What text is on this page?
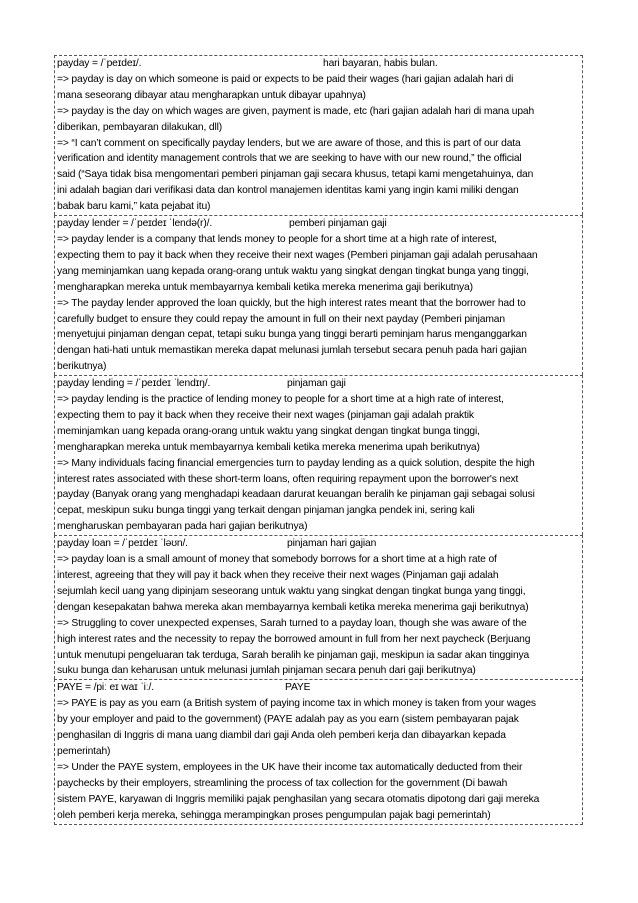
payday = /ˈpeɪdeɪ/.	hari bayaran, habis bulan.
=> payday is day on which someone is paid or expects to be paid their wages (hari gajian adalah hari di
mana seseorang dibayar atau mengharapkan untuk dibayar upahnya)
=> payday is the day on which wages are given, payment is made, etc (hari gajian adalah hari di mana upah
diberikan, pembayaran dilakukan, dll)
=> “I can’t comment on specifically payday lenders, but we are aware of those, and this is part of our data
verification and identity management controls that we are seeking to have with our new round,” the official
said (“Saya tidak bisa mengomentari pemberi pinjaman gaji secara khusus, tetapi kami mengetahuinya, dan
ini adalah bagian dari verifikasi data dan kontrol manajemen identitas kami yang ingin kami miliki dengan
babak baru kami,” kata pejabat itu)
payday lender = /ˈpeɪdeɪ ˈlendə(r)/.	pemberi pinjaman gaji
=> payday lender is a company that lends money to people for a short time at a high rate of interest,
expecting them to pay it back when they receive their next wages (Pemberi pinjaman gaji adalah perusahaan
yang meminjamkan uang kepada orang-orang untuk waktu yang singkat dengan tingkat bunga yang tinggi,
mengharapkan mereka untuk membayarnya kembali ketika mereka menerima gaji berikutnya)
=> The payday lender approved the loan quickly, but the high interest rates meant that the borrower had to
carefully budget to ensure they could repay the amount in full on their next payday (Pemberi pinjaman
menyetujui pinjaman dengan cepat, tetapi suku bunga yang tinggi berarti peminjam harus menganggarkan
dengan hati-hati untuk memastikan mereka dapat melunasi jumlah tersebut secara penuh pada hari gajian
berikutnya)
payday lending = /ˈpeɪdeɪ ˈlendɪŋ/.	pinjaman gaji
=> payday lending is the practice of lending money to people for a short time at a high rate of interest,
expecting them to pay it back when they receive their next wages (pinjaman gaji adalah praktik
meminjamkan uang kepada orang-orang untuk waktu yang singkat dengan tingkat bunga tinggi,
mengharapkan mereka untuk membayarnya kembali ketika mereka menerima upah berikutnya)
=> Many individuals facing financial emergencies turn to payday lending as a quick solution, despite the high
interest rates associated with these short-term loans, often requiring repayment upon the borrower's next
payday (Banyak orang yang menghadapi keadaan darurat keuangan beralih ke pinjaman gaji sebagai solusi
cepat, meskipun suku bunga tinggi yang terkait dengan pinjaman jangka pendek ini, sering kali
mengharuskan pembayaran pada hari gajian berikutnya)
payday loan = /ˈpeɪdeɪ ˈləʊn/.	pinjaman hari gajian
=> payday loan is a small amount of money that somebody borrows for a short time at a high rate of
interest, agreeing that they will pay it back when they receive their next wages (Pinjaman gaji adalah
sejumlah kecil uang yang dipinjam seseorang untuk waktu yang singkat dengan tingkat bunga yang tinggi,
dengan kesepakatan bahwa mereka akan membayarnya kembali ketika mereka menerima gaji berikutnya)
=> Struggling to cover unexpected expenses, Sarah turned to a payday loan, though she was aware of the
high interest rates and the necessity to repay the borrowed amount in full from her next paycheck (Berjuang
untuk menutupi pengeluaran tak terduga, Sarah beralih ke pinjaman gaji, meskipun ia sadar akan tingginya
suku bunga dan keharusan untuk melunasi jumlah pinjaman secara penuh dari gaji berikutnya)
PAYE = /piː eɪ waɪ ˈiː/.	PAYE
=> PAYE is pay as you earn (a British system of paying income tax in which money is taken from your wages
by your employer and paid to the government) (PAYE adalah pay as you earn (sistem pembayaran pajak
penghasilan di Inggris di mana uang diambil dari gaji Anda oleh pemberi kerja dan dibayarkan kepada
pemerintah)
=> Under the PAYE system, employees in the UK have their income tax automatically deducted from their
paychecks by their employers, streamlining the process of tax collection for the government (Di bawah
sistem PAYE, karyawan di Inggris memiliki pajak penghasilan yang secara otomatis dipotong dari gaji mereka
oleh pemberi kerja mereka, sehingga merampingkan proses pengumpulan pajak bagi pemerintah)
